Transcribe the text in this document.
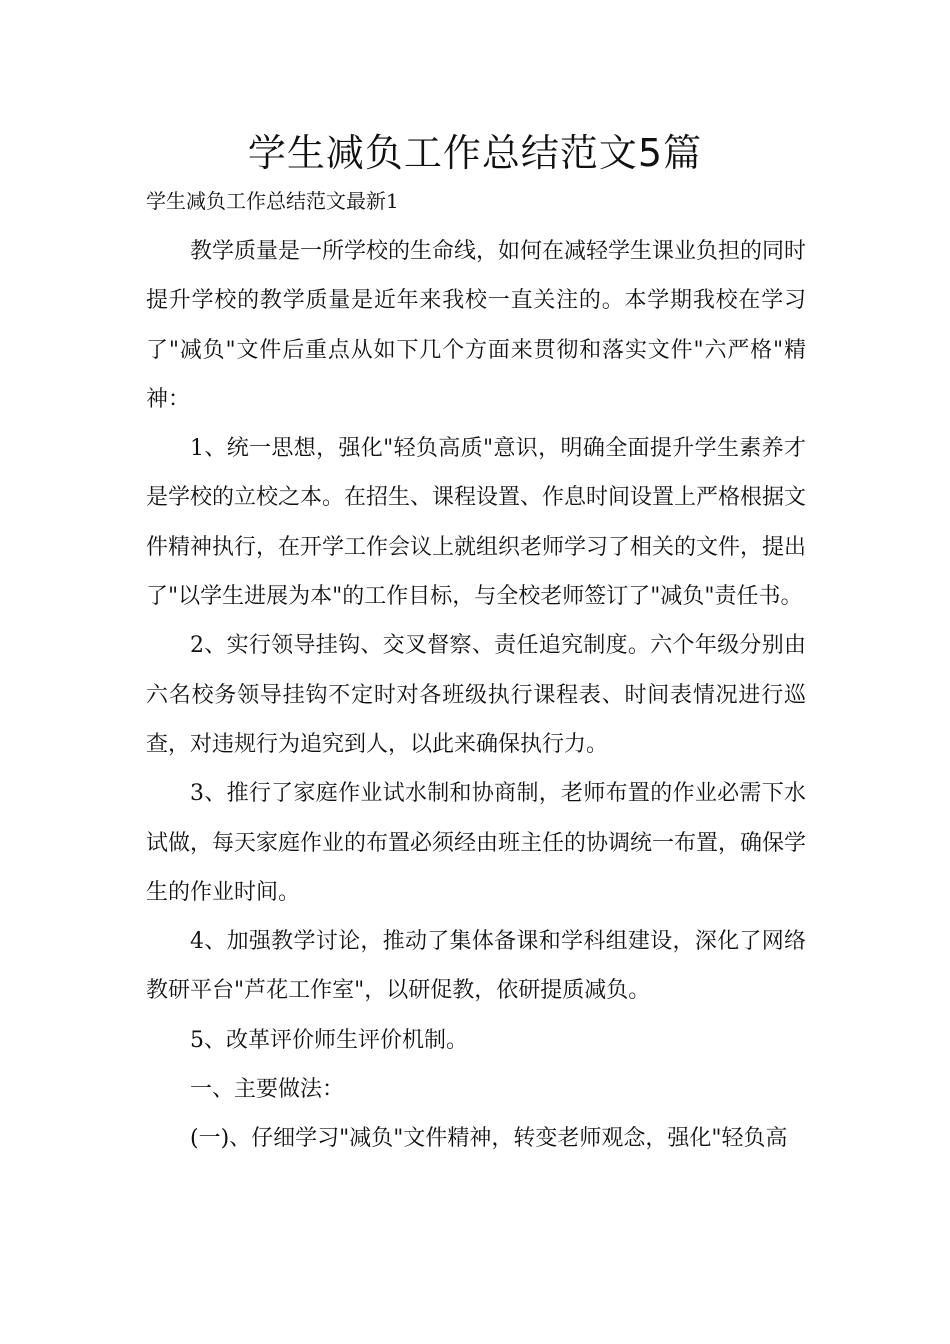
学生减负工作总结范文5篇

学生减负工作总结范文最新1

教学质量是一所学校的生命线，如何在减轻学生课业负担的同时提升学校的教学质量是近年来我校一直关注的。本学期我校在学习了"减负"文件后重点从如下几个方面来贯彻和落实文件"六严格"精神：

1、统一思想，强化"轻负高质"意识，明确全面提升学生素养才是学校的立校之本。在招生、课程设置、作息时间设置上严格根据文件精神执行，在开学工作会议上就组织老师学习了相关的文件，提出了"以学生进展为本"的工作目标，与全校老师签订了"减负"责任书。

2、实行领导挂钩、交叉督察、责任追究制度。六个年级分别由六名校务领导挂钩不定时对各班级执行课程表、时间表情况进行巡查，对违规行为追究到人，以此来确保执行力。

3、推行了家庭作业试水制和协商制，老师布置的作业必需下水试做，每天家庭作业的布置必须经由班主任的协调统一布置，确保学生的作业时间。

4、加强教学讨论，推动了集体备课和学科组建设，深化了网络教研平台"芦花工作室"，以研促教，依研提质减负。

5、改革评价师生评价机制。

一、主要做法：

(一)、仔细学习"减负"文件精神，转变老师观念，强化"轻负高
